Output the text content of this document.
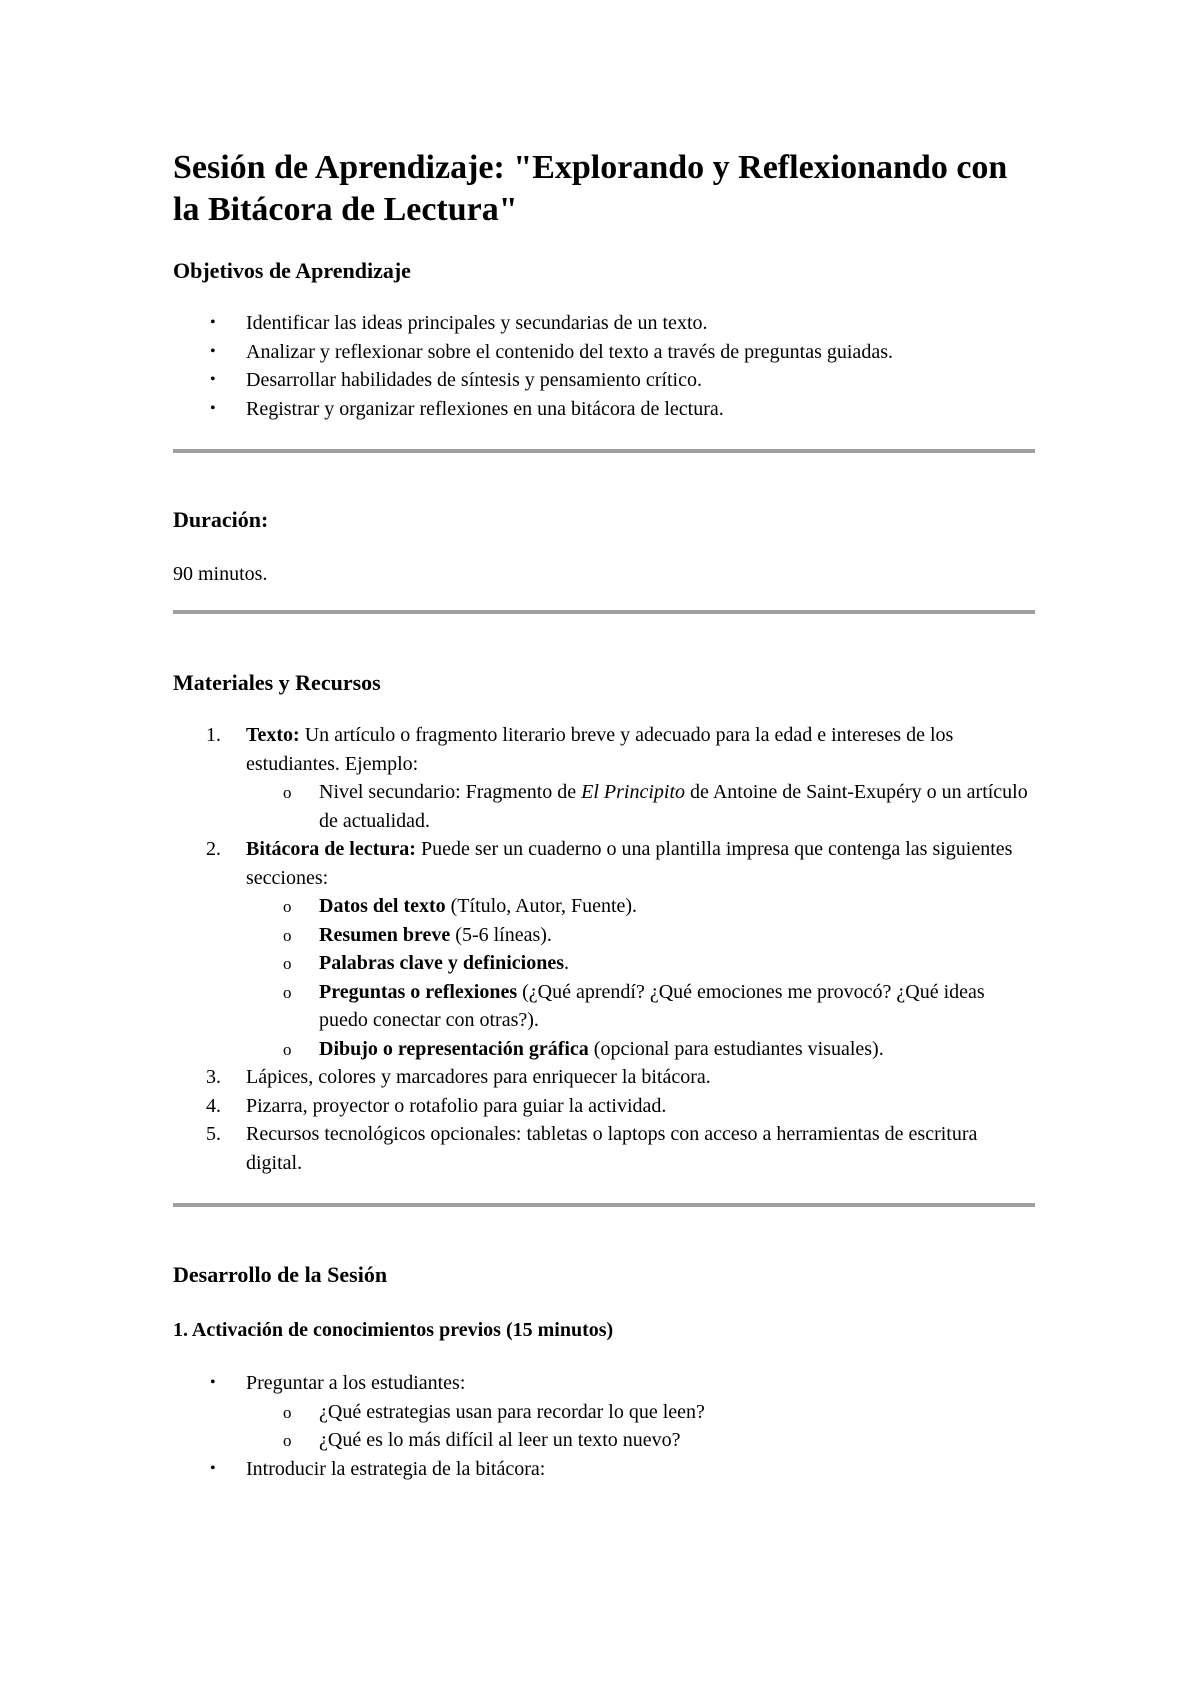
Sesión de Aprendizaje: "Explorando y Reflexionando con la Bitácora de Lectura"
Objetivos de Aprendizaje
• Identificar las ideas principales y secundarias de un texto.
• Analizar y reflexionar sobre el contenido del texto a través de preguntas guiadas.
• Desarrollar habilidades de síntesis y pensamiento crítico.
• Registrar y organizar reflexiones en una bitácora de lectura.
Duración:

90 minutos.

Materiales y Recursos
1.	Texto: Un artículo o fragmento literario breve y adecuado para la edad e intereses de los estudiantes. Ejemplo:
o Nivel secundario: Fragmento de El Principito de Antoine de Saint-Exupéry o un artículo de actualidad.
2.	Bitácora de lectura: Puede ser un cuaderno o una plantilla impresa que contenga las siguientes secciones:
o Datos del texto (Título, Autor, Fuente).
o Resumen breve (5-6 líneas).
o Palabras clave y definiciones.
o Preguntas o reflexiones (¿Qué aprendí? ¿Qué emociones me provocó? ¿Qué ideas puedo conectar con otras?).
o Dibujo o representación gráfica (opcional para estudiantes visuales).
3.	Lápices, colores y marcadores para enriquecer la bitácora.
4.	Pizarra, proyector o rotafolio para guiar la actividad.
5.	Recursos tecnológicos opcionales: tabletas o laptops con acceso a herramientas de escritura digital.
Desarrollo de la Sesión
1. Activación de conocimientos previos (15 minutos)
• Preguntar a los estudiantes:
o ¿Qué estrategias usan para recordar lo que leen?
o ¿Qué es lo más difícil al leer un texto nuevo?
• Introducir la estrategia de la bitácora:
